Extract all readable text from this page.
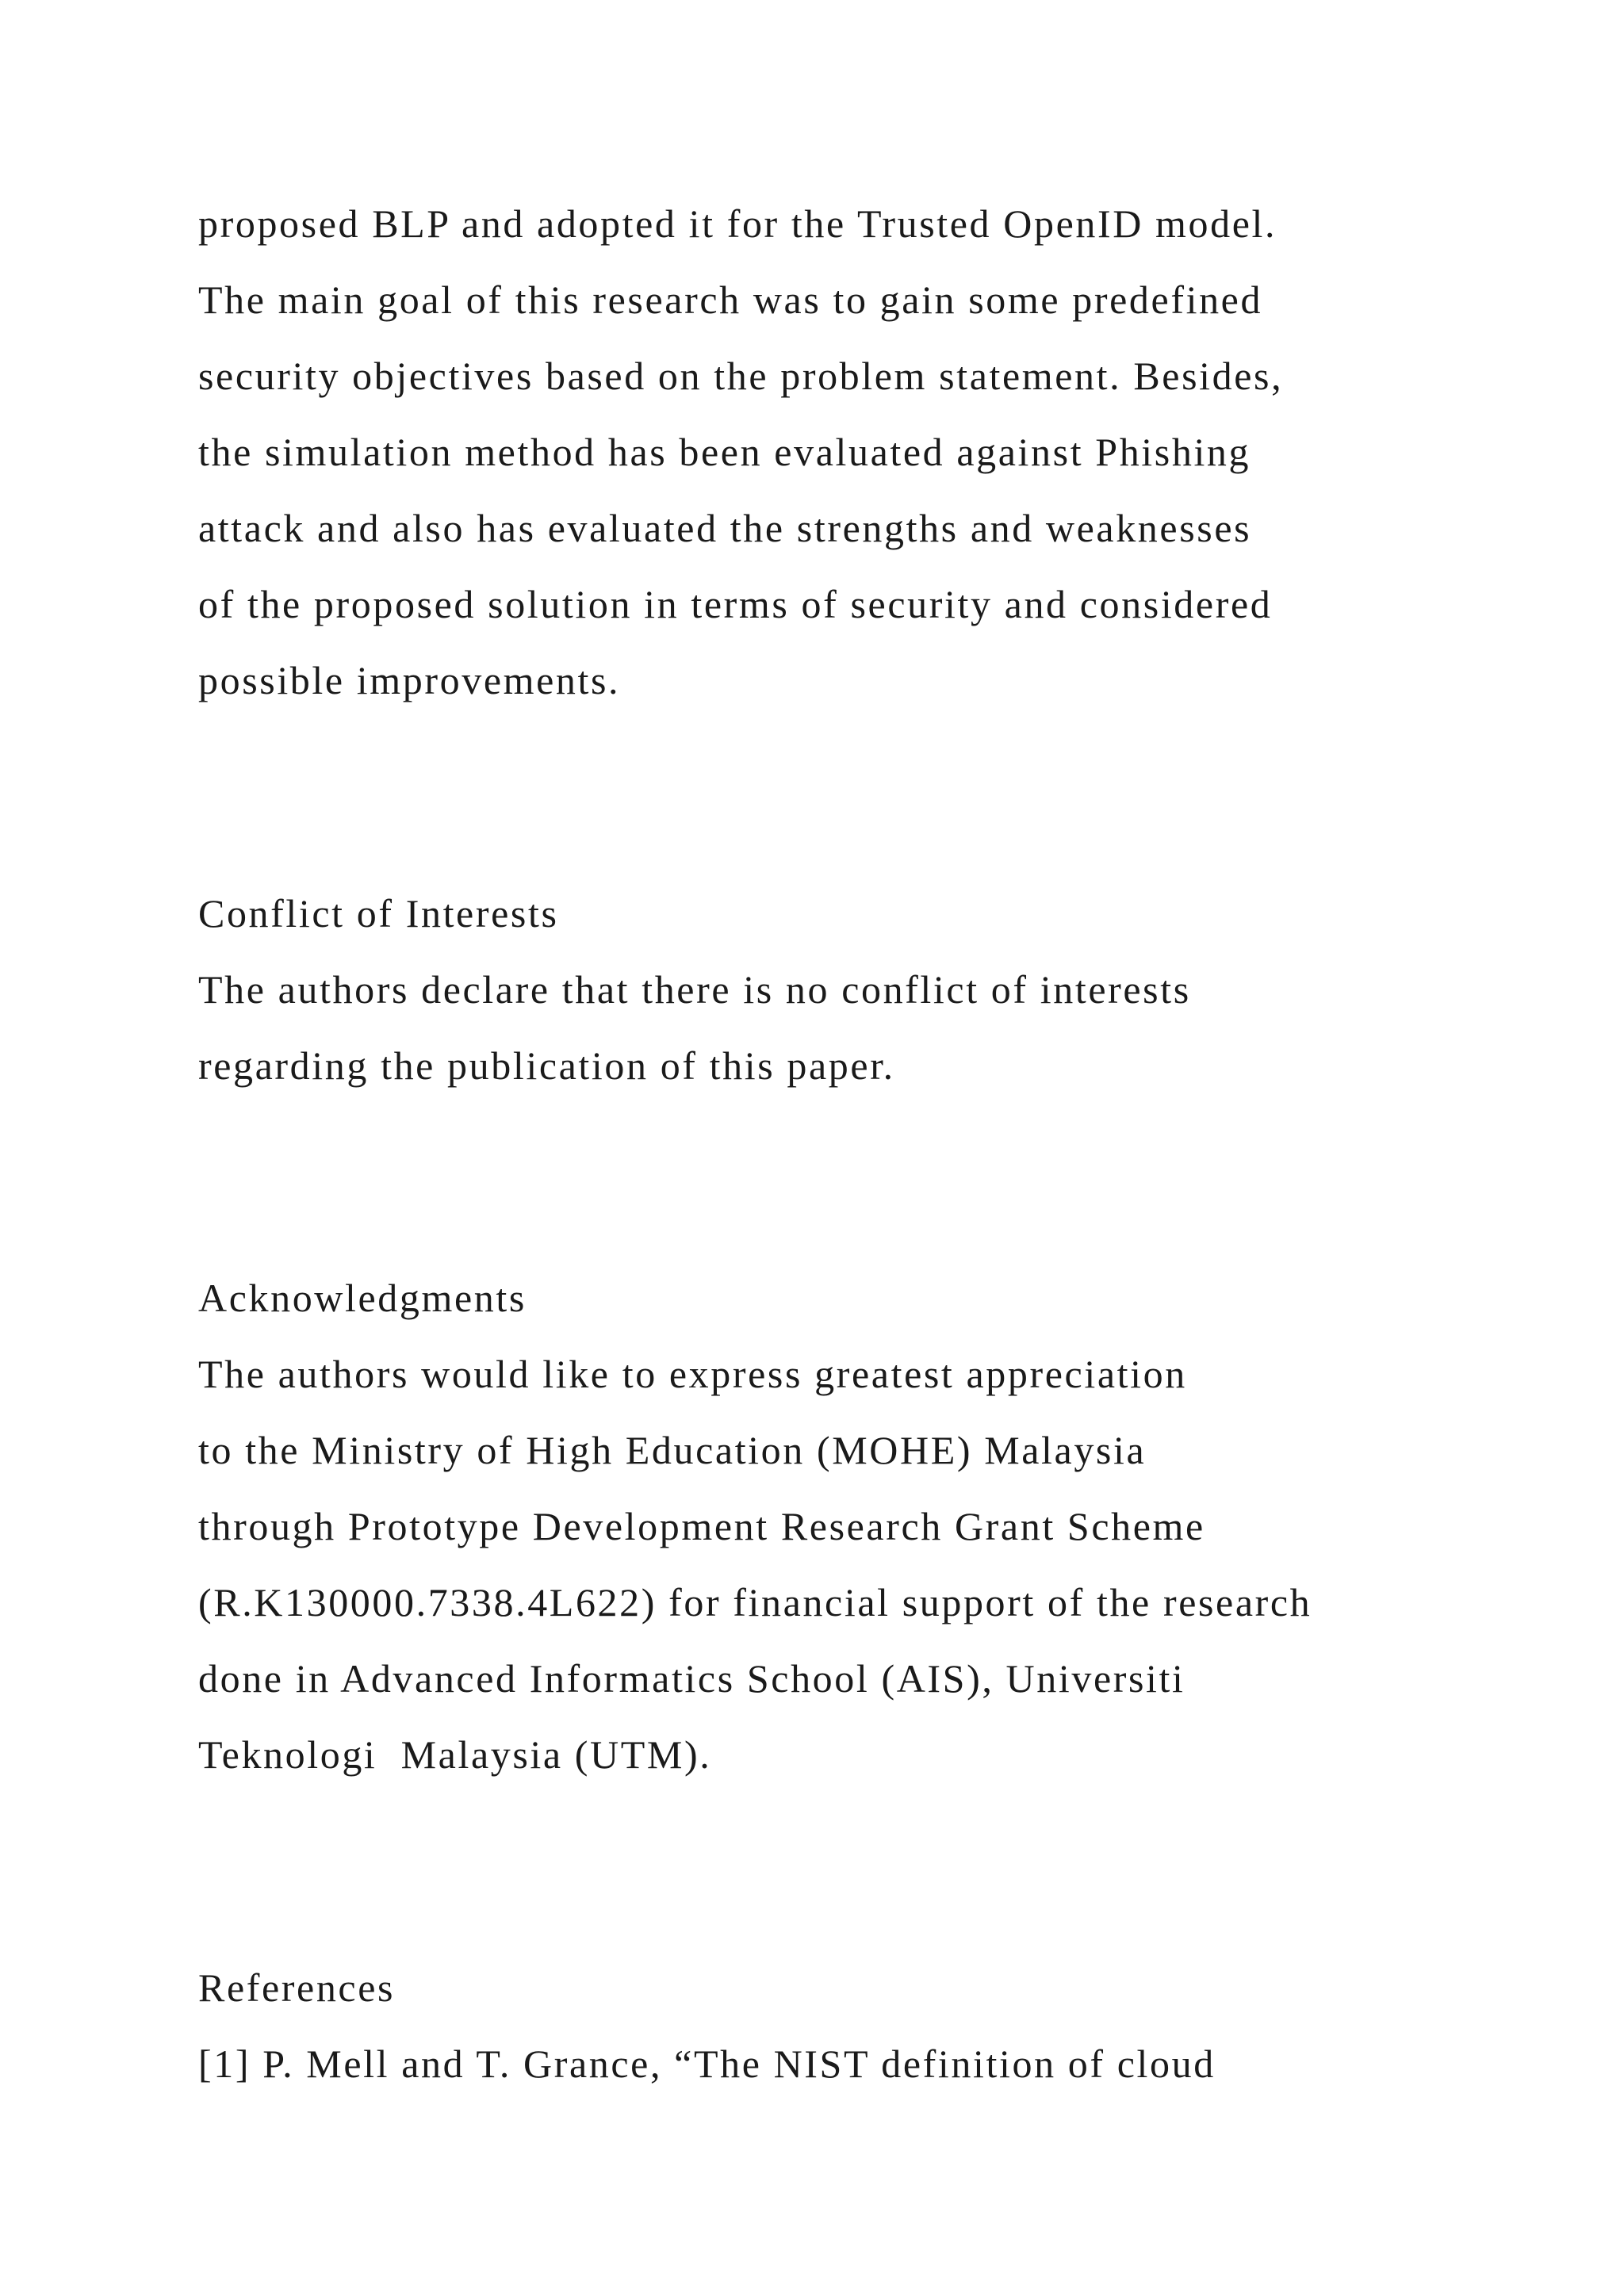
proposed BLP and adopted it for the Trusted OpenID model.

The main goal of this research was to gain some predefined

security objectives based on the problem statement. Besides,

the simulation method has been evaluated against Phishing

attack and also has evaluated the strengths and weaknesses

of the proposed solution in terms of security and considered

possible improvements.

Conflict of Interests

The authors declare that there is no conflict of interests

regarding the publication of this paper.

Acknowledgments

The authors would like to express greatest appreciation

to the Ministry of High Education (MOHE) Malaysia

through Prototype Development Research Grant Scheme

(R.K130000.7338.4L622) for financial support of the research

done in Advanced Informatics School (AIS), Universiti

Teknologi  Malaysia (UTM).

References

[1] P. Mell and T. Grance, “The NIST definition of cloud
